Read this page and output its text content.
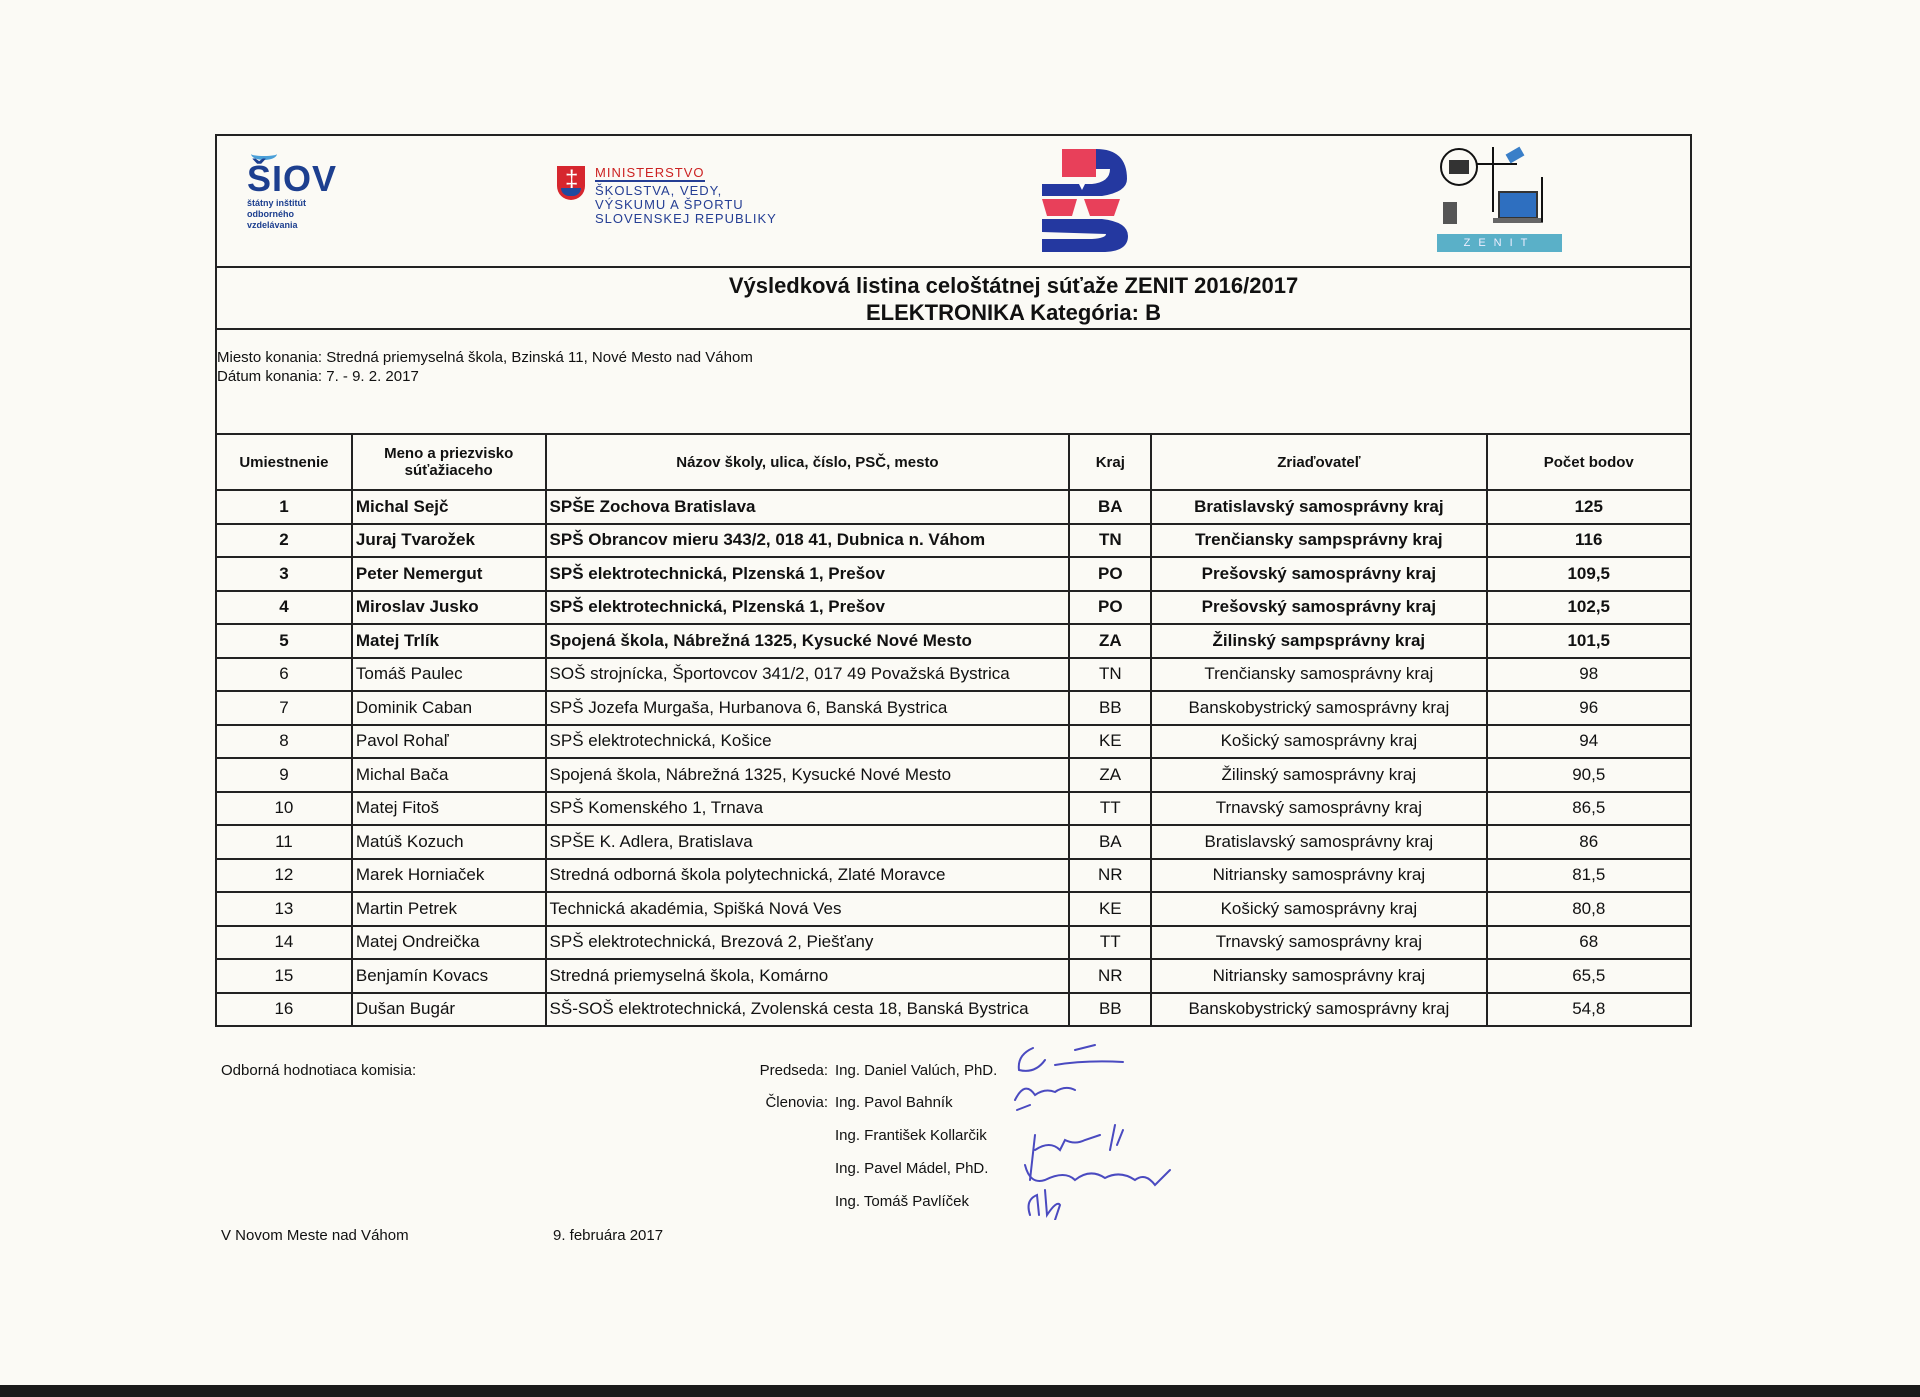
ŠIOV
štátny inštitút
odborného
vzdelávania
‡
MINISTERSTVO
ŠKOLSTVA, VEDY,
VÝSKUMU A ŠPORTU
SLOVENSKEJ REPUBLIKY
ZENIT
Výsledková listina celoštátnej súťaže ZENIT 2016/2017
ELEKTRONIKA Kategória: B
Miesto konania: Stredná priemyselná škola, Bzinská 11, Nové Mesto nad Váhom
Dátum konania: 7. - 9. 2. 2017
Umiestnenie	Meno a priezvisko súťažiaceho	Názov školy, ulica, číslo, PSČ, mesto	Kraj	Zriaďovateľ	Počet bodov
1	Michal Sejč	SPŠE Zochova Bratislava	BA	Bratislavský samosprávny kraj	125
2	Juraj Tvarožek	SPŠ Obrancov mieru 343/2, 018 41, Dubnica n. Váhom	TN	Trenčiansky sampsprávny kraj	116
3	Peter Nemergut	SPŠ elektrotechnická, Plzenská 1, Prešov	PO	Prešovský samosprávny kraj	109,5
4	Miroslav Jusko	SPŠ elektrotechnická, Plzenská 1, Prešov	PO	Prešovský samosprávny kraj	102,5
5	Matej Trlík	Spojená škola, Nábrežná 1325, Kysucké Nové Mesto	ZA	Žilinský sampsprávny kraj	101,5
6	Tomáš Paulec	SOŠ strojnícka, Športovcov 341/2, 017 49 Považská Bystrica	TN	Trenčiansky samosprávny kraj	98
7	Dominik Caban	SPŠ Jozefa Murgaša, Hurbanova 6, Banská Bystrica	BB	Banskobystrický samosprávny kraj	96
8	Pavol Rohaľ	SPŠ elektrotechnická, Košice	KE	Košický samosprávny kraj	94
9	Michal Bača	Spojená škola, Nábrežná 1325, Kysucké Nové Mesto	ZA	Žilinský samosprávny kraj	90,5
10	Matej Fitoš	SPŠ Komenského 1, Trnava	TT	Trnavský samosprávny kraj	86,5
11	Matúš Kozuch	SPŠE K. Adlera, Bratislava	BA	Bratislavský samosprávny kraj	86
12	Marek Horniaček	Stredná odborná škola polytechnická, Zlaté Moravce	NR	Nitriansky samosprávny kraj	81,5
13	Martin Petrek	Technická akadémia, Spišká Nová Ves	KE	Košický samosprávny kraj	80,8
14	Matej Ondreička	SPŠ elektrotechnická, Brezová 2, Piešťany	TT	Trnavský samosprávny kraj	68
15	Benjamín Kovacs	Stredná priemyselná škola, Komárno	NR	Nitriansky samosprávny kraj	65,5
16	Dušan Bugár	SŠ-SOŠ elektrotechnická, Zvolenská cesta 18, Banská Bystrica	BB	Banskobystrický samosprávny kraj	54,8
Odborná hodnotiaca komisia:	Predseda: Ing. Daniel Valúch, PhD.
Členovia: Ing. Pavol Bahník
Ing. František Kollarčik
Ing. Pavel Mádel, PhD.
Ing. Tomáš Pavlíček
V Novom Meste nad Váhom	9. februára 2017
